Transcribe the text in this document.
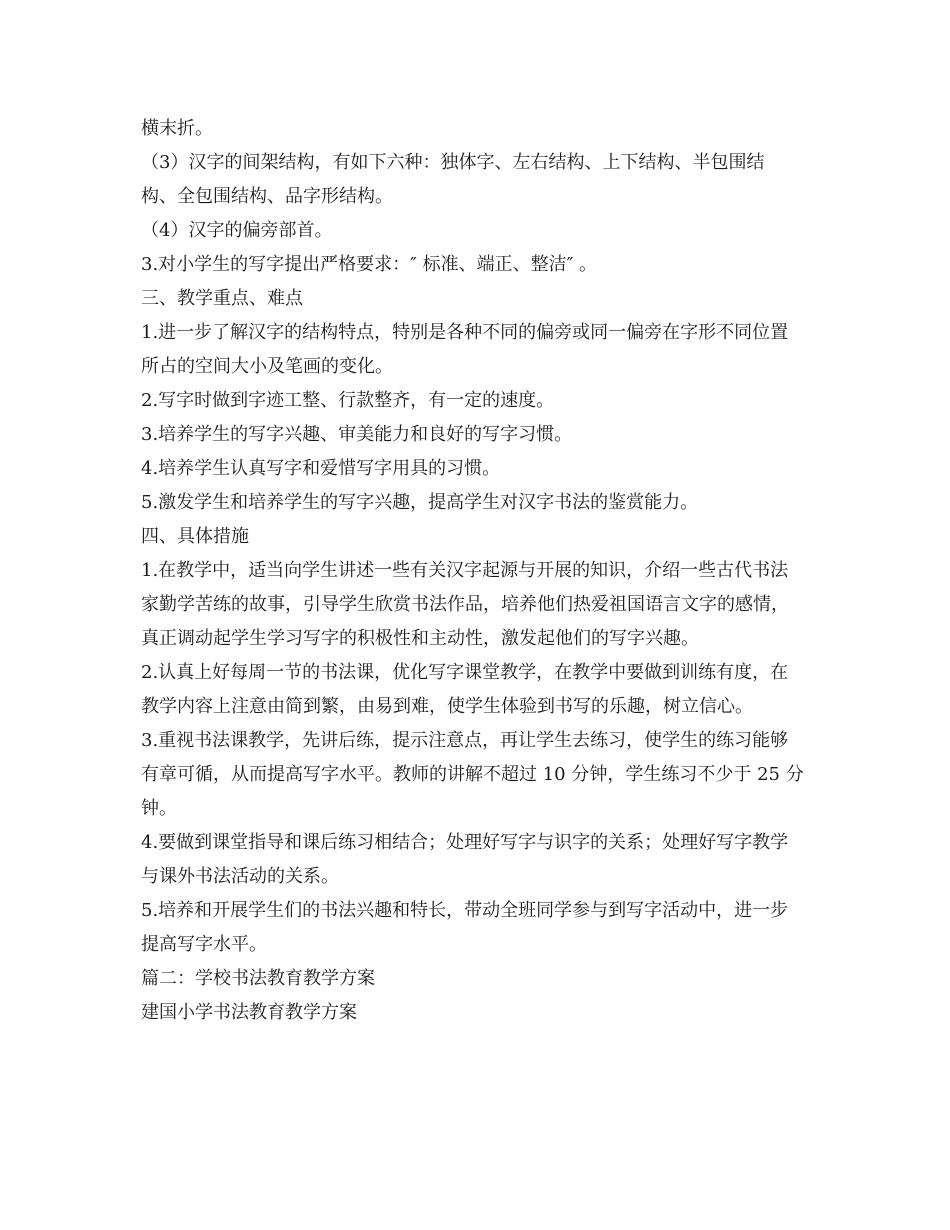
横末折。
（3）汉字的间架结构，有如下六种：独体字、左右结构、上下结构、半包围结
构、全包围结构、品字形结构。
（4）汉字的偏旁部首。
3.对小学生的写字提出严格要求：″ 标准、端正、整洁″ 。
三、教学重点、难点
1.进一步了解汉字的结构特点，特别是各种不同的偏旁或同一偏旁在字形不同位置
所占的空间大小及笔画的变化。
2.写字时做到字迹工整、行款整齐，有一定的速度。
3.培养学生的写字兴趣、审美能力和良好的写字习惯。
4.培养学生认真写字和爱惜写字用具的习惯。
5.激发学生和培养学生的写字兴趣，提高学生对汉字书法的鉴赏能力。
四、具体措施
1.在教学中，适当向学生讲述一些有关汉字起源与开展的知识，介绍一些古代书法
家勤学苦练的故事，引导学生欣赏书法作品，培养他们热爱祖国语言文字的感情，
真正调动起学生学习写字的积极性和主动性，激发起他们的写字兴趣。
2.认真上好每周一节的书法课，优化写字课堂教学，在教学中要做到训练有度，在
教学内容上注意由简到繁，由易到难，使学生体验到书写的乐趣，树立信心。
3.重视书法课教学，先讲后练，提示注意点，再让学生去练习，使学生的练习能够
有章可循，从而提高写字水平。教师的讲解不超过 10 分钟，学生练习不少于 25 分
钟。
4.要做到课堂指导和课后练习相结合；处理好写字与识字的关系；处理好写字教学
与课外书法活动的关系。
5.培养和开展学生们的书法兴趣和特长，带动全班同学参与到写字活动中，进一步
提高写字水平。
篇二：学校书法教育教学方案
建国小学书法教育教学方案
